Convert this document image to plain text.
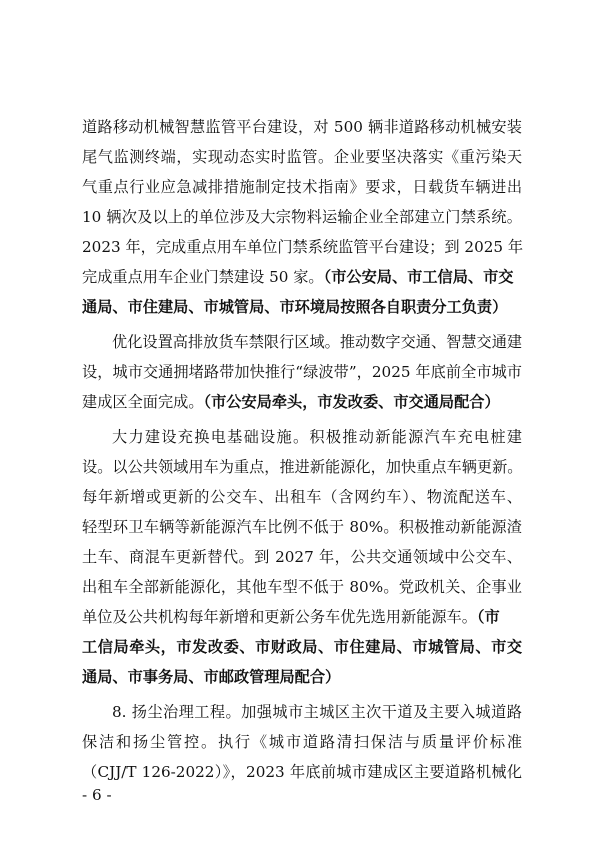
道路移动机械智慧监管平台建设，对 500 辆非道路移动机械安装
尾气监测终端，实现动态实时监管。企业要坚决落实《重污染天
气重点行业应急减排措施制定技术指南》要求，日载货车辆进出
10 辆次及以上的单位涉及大宗物料运输企业全部建立门禁系统。
2023 年，完成重点用车单位门禁系统监管平台建设；到 2025 年
完成重点用车企业门禁建设 50 家。（市公安局、市工信局、市交
通局、市住建局、市城管局、市环境局按照各自职责分工负责）
优化设置高排放货车禁限行区域。推动数字交通、智慧交通建
设，城市交通拥堵路带加快推行“绿波带”，2025 年底前全市城市
建成区全面完成。（市公安局牵头，市发改委、市交通局配合）
大力建设充换电基础设施。积极推动新能源汽车充电桩建
设。以公共领域用车为重点，推进新能源化，加快重点车辆更新。
每年新增或更新的公交车、出租车（含网约车）、物流配送车、
轻型环卫车辆等新能源汽车比例不低于 80%。积极推动新能源渣
土车、商混车更新替代。到 2027 年，公共交通领域中公交车、
出租车全部新能源化，其他车型不低于 80%。党政机关、企事业
单位及公共机构每年新增和更新公务车优先选用新能源车。（市
工信局牵头，市发改委、市财政局、市住建局、市城管局、市交
通局、市事务局、市邮政管理局配合）
8. 扬尘治理工程。加强城市主城区主次干道及主要入城道路
保洁和扬尘管控。执行《城市道路清扫保洁与质量评价标准
（CJJ/T 126-2022）》，2023 年底前城市建成区主要道路机械化
- 6 -
